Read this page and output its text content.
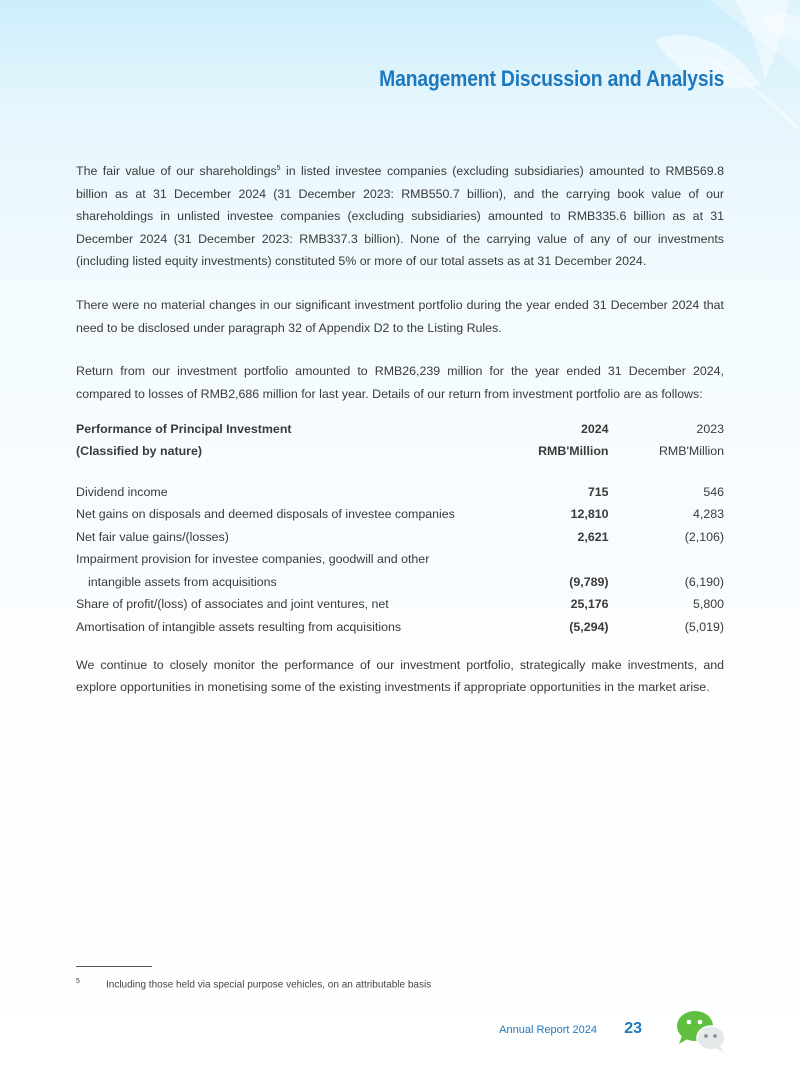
Management Discussion and Analysis

The fair value of our shareholdings$^5$ in listed investee companies (excluding subsidiaries) amounted to RMB569.8 billion as at 31 December 2024 (31 December 2023: RMB550.7 billion), and the carrying book value of our shareholdings in unlisted investee companies (excluding subsidiaries) amounted to RMB335.6 billion as at 31 December 2024 (31 December 2023: RMB337.3 billion). None of the carrying value of any of our investments (including listed equity investments) constituted 5% or more of our total assets as at 31 December 2024.

There were no material changes in our significant investment portfolio during the year ended 31 December 2024 that need to be disclosed under paragraph 32 of Appendix D2 to the Listing Rules.

Return from our investment portfolio amounted to RMB26,239 million for the year ended 31 December 2024, compared to losses of RMB2,686 million for last year. Details of our return from investment portfolio are as follows:

Performance of Principal Investment	2024	2023
(Classified by nature)	RMB'Million	RMB'Million

Dividend income	715	546
Net gains on disposals and deemed disposals of investee companies	12,810	4,283
Net fair value gains/(losses)	2,621	(2,106)
Impairment provision for investee companies, goodwill and other		
intangible assets from acquisitions	(9,789)	(6,190)
Share of profit/(loss) of associates and joint ventures, net	25,176	5,800
Amortisation of intangible assets resulting from acquisitions	(5,294)	(5,019)

We continue to closely monitor the performance of our investment portfolio, strategically make investments, and explore opportunities in monetising some of the existing investments if appropriate opportunities in the market arise.

5	Including those held via special purpose vehicles, on an attributable basis
Annual Report 2024 23
